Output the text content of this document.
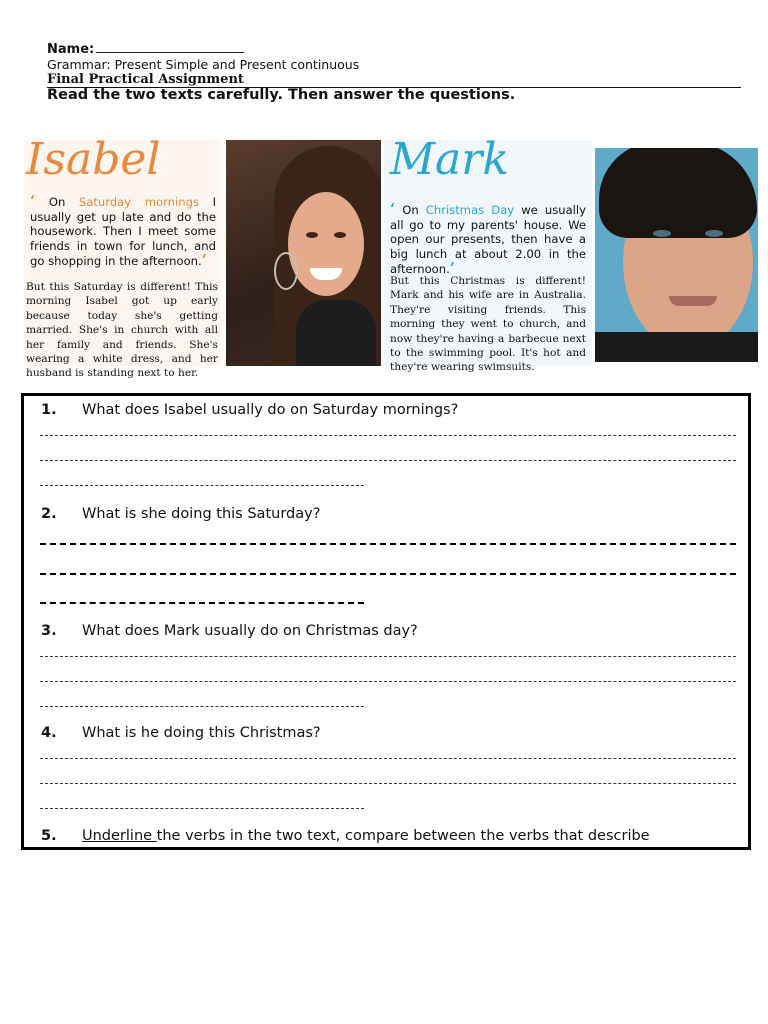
Name:
Grammar: Present Simple and Present continuous
Final Practical Assignment
Read the two texts carefully. Then answer the questions.
Isabel
‘ On Saturday mornings I usually get up late and do the housework. Then I meet some friends in town for lunch, and go shopping in the afternoon.’
But this Saturday is different! This morning Isabel got up early because today she's getting married. She's in church with all her family and friends. She's wearing a white dress, and her husband is standing next to her.
Mark
‘ On Christmas Day we usually all go to my parents' house. We open our presents, then have a big lunch at about 2.00 in the afternoon.’
But this Christmas is different! Mark and his wife are in Australia. They're visiting friends. This morning they went to church, and now they're having a barbecue next to the swimming pool. It's hot and they're wearing swimsuits.
1. What does Isabel usually do on Saturday mornings?
2. What is she doing this Saturday?
3. What does Mark usually do on Christmas day?
4. What is he doing this Christmas?
5. Underline the verbs in the two text, compare between the verbs that describe
